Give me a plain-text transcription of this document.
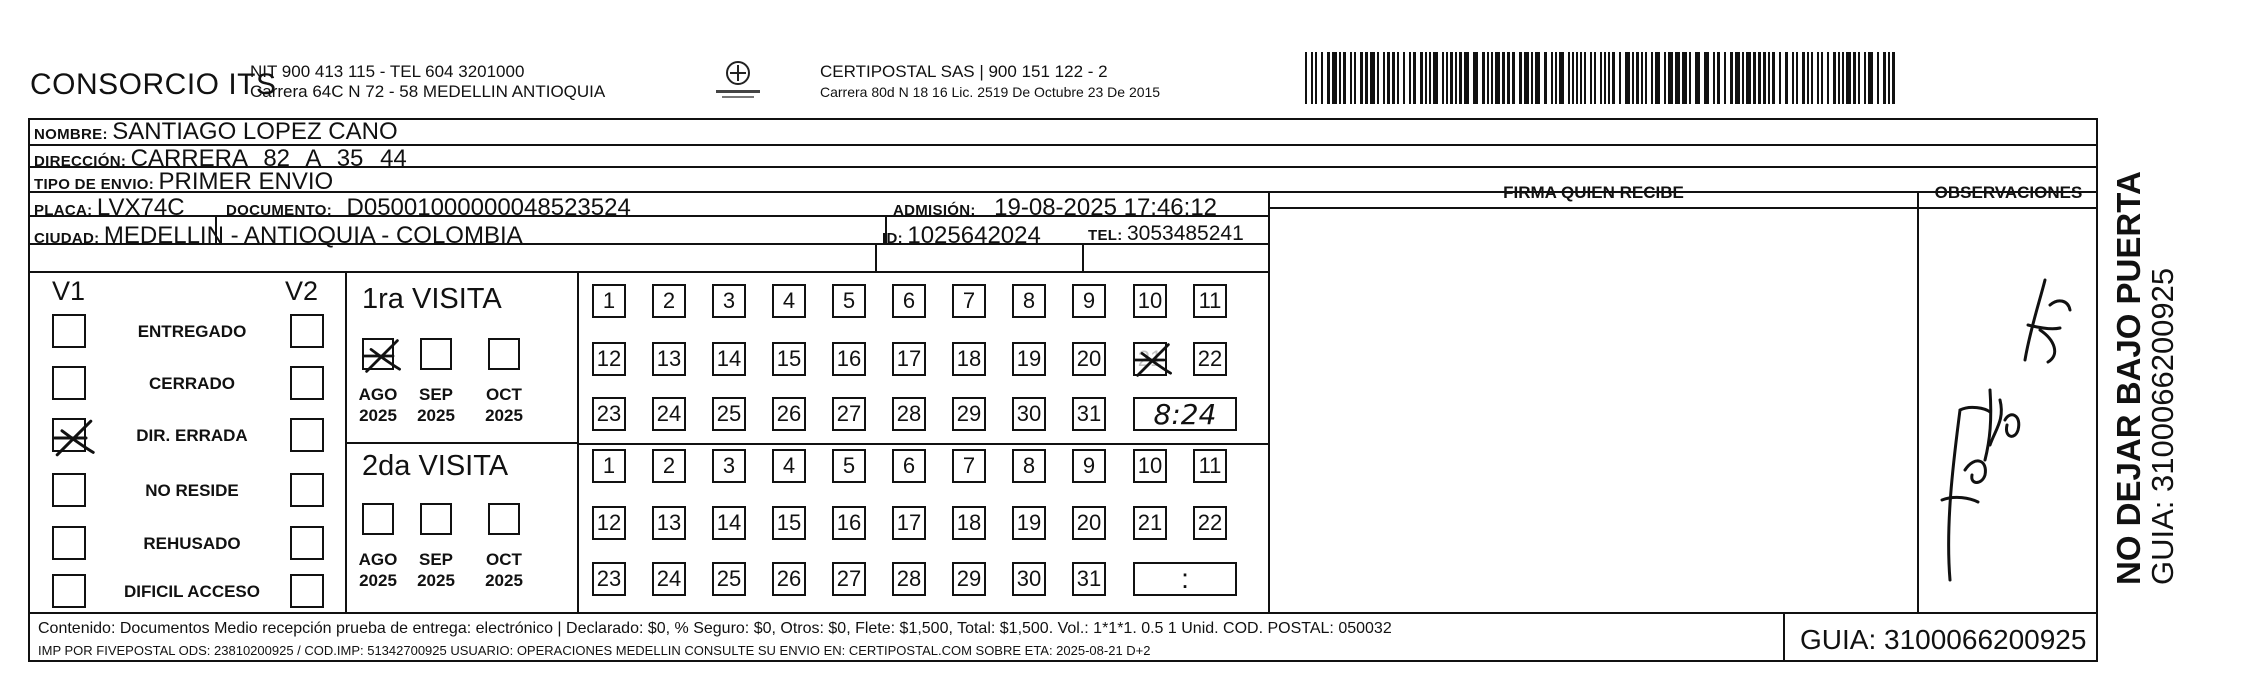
CONSORCIO ITS
NIT 900 413 115 - TEL 604 3201000
Carrera 64C N 72 - 58 MEDELLIN ANTIOQUIA
CERTIPOSTAL SAS | 900 151 122 - 2
Carrera 80d N 18 16 Lic. 2519 De Octubre 23 De 2015
NOMBRE: SANTIAGO LOPEZ CANO
DIRECCIÓN: CARRERA 82 A 35 44
TIPO DE ENVIO: PRIMER ENVIO
PLACA: LVX74C	DOCUMENTO: D05001000000048523524	ADMISIÓN: 19-08-2025 17:46:12
CIUDAD: MEDELLIN - ANTIOQUIA - COLOMBIA	ID: 1025642024	TEL: 3053485241
FIRMA QUIEN RECIBE	OBSERVACIONES
V1	V2
ENTREGADO
CERRADO
DIR. ERRADA
NO RESIDE
REHUSADO
DIFICIL ACCESO
1ra VISITA
2da VISITA
AGO
2025
SEP
2025
OCT
2025
AGO
2025
SEP
2025
OCT
2025
1 2 3 4 5 6 7 8 9 10 11
12 13 14 15 16 17 18 19 20 21 22
23 24 25 26 27 28 29 30 31
1 2 3 4 5 6 7 8 9 10 11
12 13 14 15 16 17 18 19 20 21 22
23 24 25 26 27 28 29 30 31
8:24
:
Contenido: Documentos Medio recepción prueba de entrega: electrónico | Declarado: $0, % Seguro: $0, Otros: $0, Flete: $1,500, Total: $1,500. Vol.: 1*1*1. 0.5 1 Unid. COD. POSTAL: 050032
IMP POR FIVEPOSTAL ODS: 23810200925 / COD.IMP: 51342700925 USUARIO: OPERACIONES MEDELLIN CONSULTE SU ENVIO EN: CERTIPOSTAL.COM SOBRE ETA: 2025-08-21 D+2	GUIA: 3100066200925
NO DEJAR BAJO PUERTA
GUIA: 3100066200925
